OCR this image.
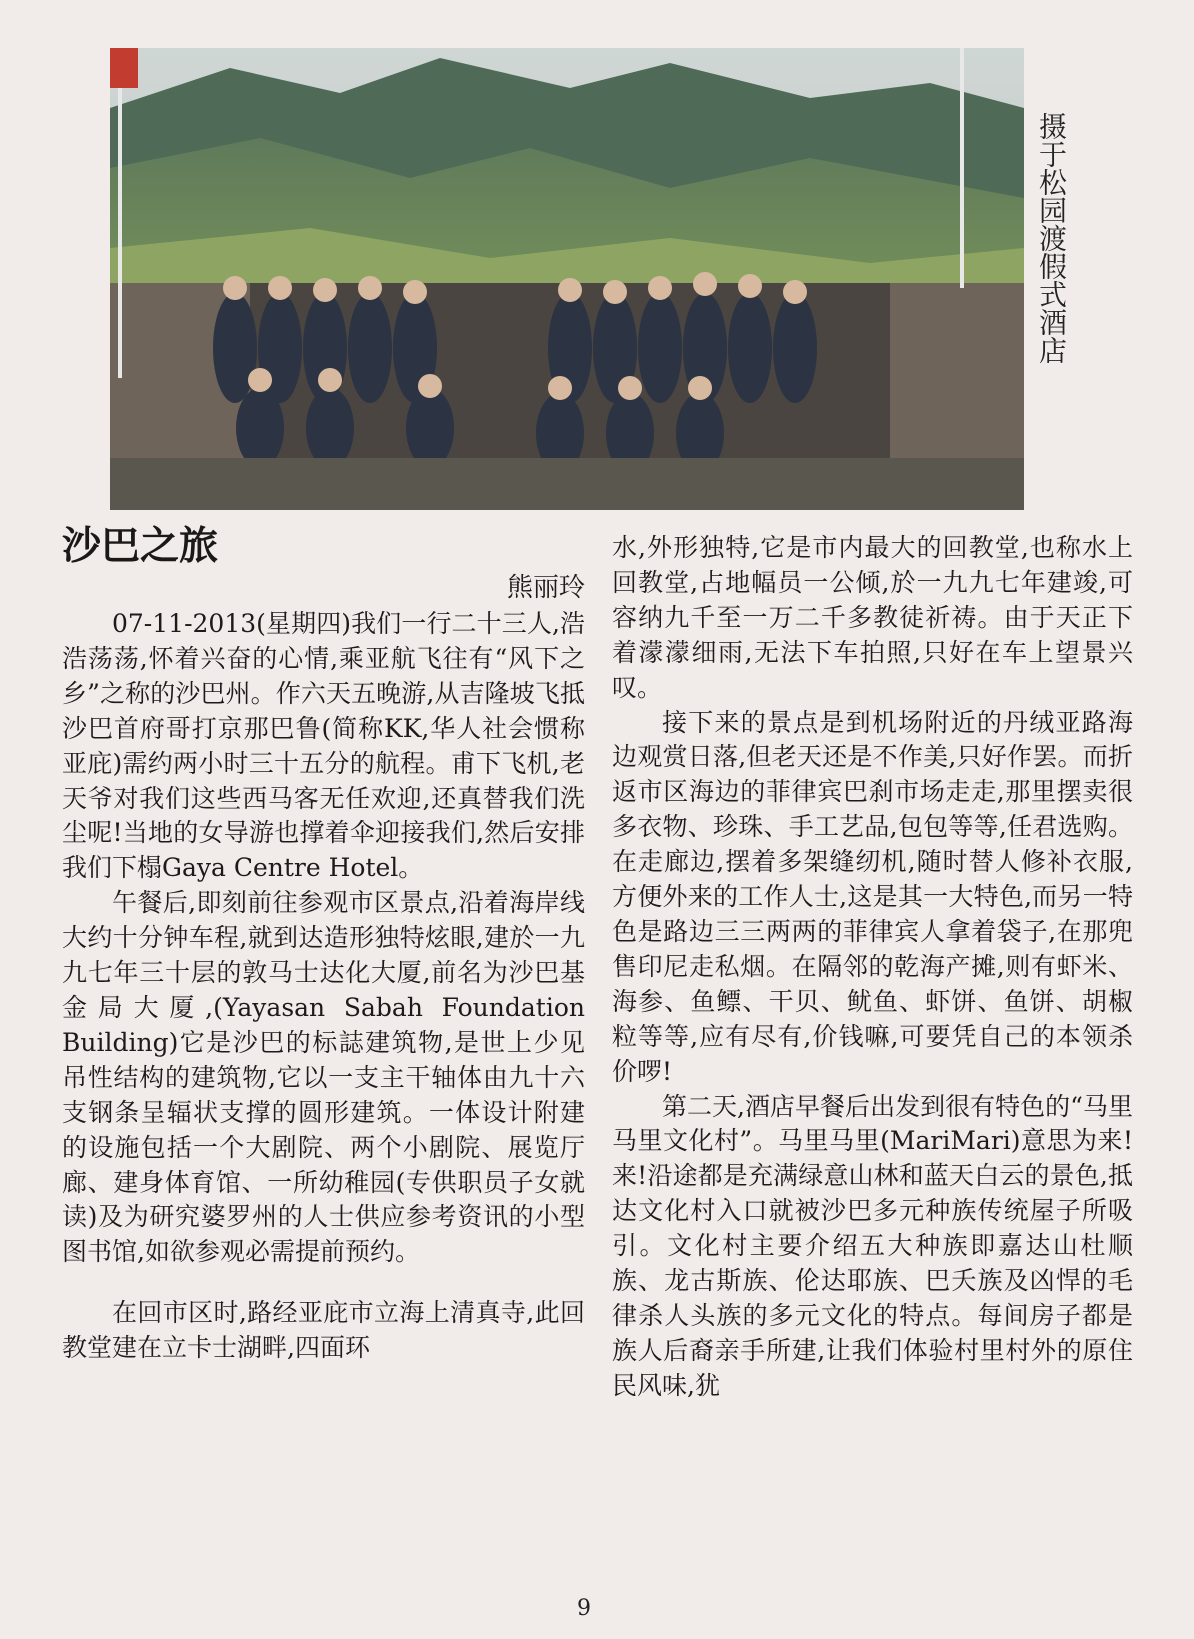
摄于松园渡假式酒店
沙巴之旅
熊丽玲

07-11-2013(星期四)我们一行二十三人,浩浩荡荡,怀着兴奋的心情,乘亚航飞往有“风下之乡”之称的沙巴州。作六天五晚游,从吉隆坡飞抵沙巴首府哥打京那巴鲁(简称KK,华人社会惯称亚庇)需约两小时三十五分的航程。甫下飞机,老天爷对我们这些西马客无任欢迎,还真替我们洗尘呢!当地的女导游也撑着伞迎接我们,然后安排我们下榻Gaya Centre Hotel。

午餐后,即刻前往参观市区景点,沿着海岸线大约十分钟车程,就到达造形独特炫眼,建於一九九七年三十层的敦马士达化大厦,前名为沙巴基金局大厦,(Yayasan Sabah Foundation Building)它是沙巴的标誌建筑物,是世上少见吊性结构的建筑物,它以一支主干轴体由九十六支钢条呈辐状支撑的圆形建筑。一体设计附建的设施包括一个大剧院、两个小剧院、展览厅廊、建身体育馆、一所幼稚园(专供职员子女就读)及为研究婆罗州的人士供应参考资讯的小型图书馆,如欲参观必需提前预约。

在回市区时,路经亚庇市立海上清真寺,此回教堂建在立卡士湖畔,四面环

水,外形独特,它是市内最大的回教堂,也称水上回教堂,占地幅员一公倾,於一九九七年建竣,可容纳九千至一万二千多教徒祈祷。由于天正下着濛濛细雨,无法下车拍照,只好在车上望景兴叹。

接下来的景点是到机场附近的丹绒亚路海边观赏日落,但老天还是不作美,只好作罢。而折返市区海边的菲律宾巴刹市场走走,那里摆卖很多衣物、珍珠、手工艺品,包包等等,任君选购。在走廊边,摆着多架缝纫机,随时替人修补衣服,方便外来的工作人士,这是其一大特色,而另一特色是路边三三两两的菲律宾人拿着袋子,在那兜售印尼走私烟。在隔邻的乾海产摊,则有虾米、海参、鱼鳔、干贝、鱿鱼、虾饼、鱼饼、胡椒粒等等,应有尽有,价钱嘛,可要凭自己的本领杀价啰!

第二天,酒店早餐后出发到很有特色的“马里马里文化村”。马里马里(MariMari)意思为来!来!沿途都是充满绿意山林和蓝天白云的景色,抵达文化村入口就被沙巴多元种族传统屋子所吸引。文化村主要介绍五大种族即嘉达山杜顺族、龙古斯族、伦达耶族、巴夭族及凶悍的毛律杀人头族的多元文化的特点。每间房子都是族人后裔亲手所建,让我们体验村里村外的原住民风味,犹

9
